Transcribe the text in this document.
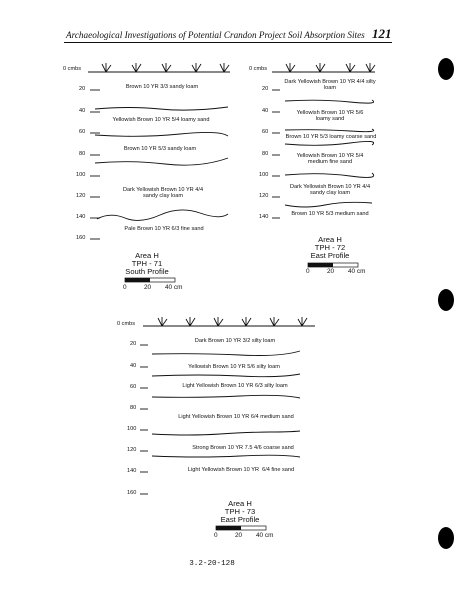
Archaeological Investigations of Potential Crandon Project Soil Absorption Sites 121
0 cmbs
20
40
60
80
100
120
140
160
Brown 10 YR 3/3 sandy loam
Yellowish Brown 10 YR 5/4 loamy sand
Brown 10 YR 5/3 sandy loam
Dark Yellowish Brown 10 YR 4/4 sandy clay loam
Pale Brown 10 YR 6/3 fine sand
Area H
TPH - 71
South Profile
0	20 40 cm
0 cmbs
20
40
60
80
100
120
140
Dark Yellowish Brown 10 YR 4/4 silty loam
Yellowish Brown 10 YR 5/6 loamy sand
Brown 10 YR 5/3 loamy coarse sand
Yellowish Brown 10 YR 5/4 medium fine sand
Dark Yellowish Brown 10 YR 4/4 sandy clay loam
Brown 10 YR 5/3 medium sand
Area H
TPH - 72
East Profile
0	20 40 cm
0 cmbs
20
40
60
80
100
120
140
160
Dark Brown 10 YR 3/2 silty loam
Yellowish Brown 10 YR 5/6 silty loam
Light Yellowish Brown 10 YR 6/3 silty loam
Light Yellowish Brown 10 YR 6/4 medium sand
Strong Brown 10 YR 7.5 4/6 coarse sand
Light Yellowish Brown 10 YR  6/4 fine sand
Area H
TPH - 73
East Profile
0	20 40 cm
3.2-20-128
